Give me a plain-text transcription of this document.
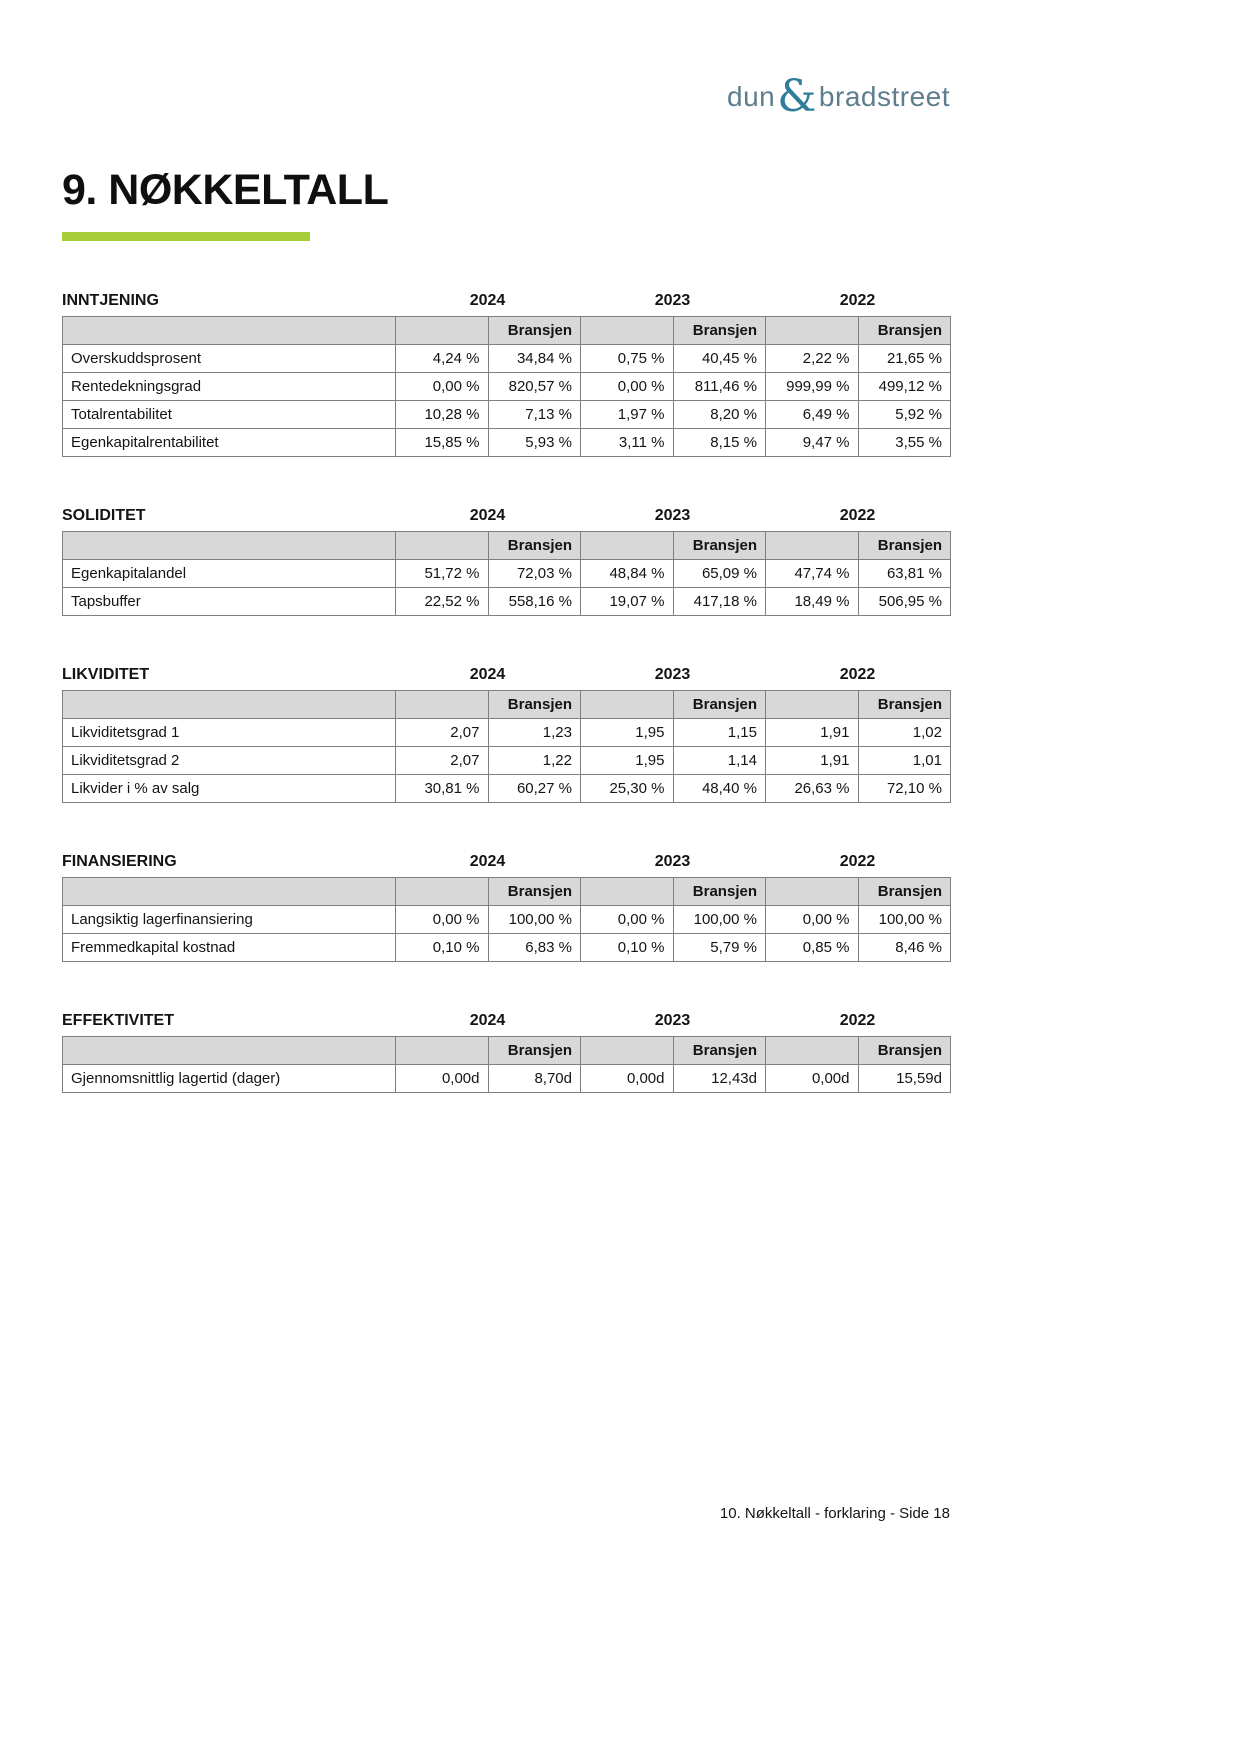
dun & bradstreet
9. NØKKELTALL
INNTJENING	2024	2023	2022
		Bransjen		Bransjen		Bransjen
Overskuddsprosent	4,24 %	34,84 %	0,75 %	40,45 %	2,22 %	21,65 %
Rentedekningsgrad	0,00 %	820,57 %	0,00 %	811,46 %	999,99 %	499,12 %
Totalrentabilitet	10,28 %	7,13 %	1,97 %	8,20 %	6,49 %	5,92 %
Egenkapitalrentabilitet	15,85 %	5,93 %	3,11 %	8,15 %	9,47 %	3,55 %
SOLIDITET	2024	2023	2022
		Bransjen		Bransjen		Bransjen
Egenkapitalandel	51,72 %	72,03 %	48,84 %	65,09 %	47,74 %	63,81 %
Tapsbuffer	22,52 %	558,16 %	19,07 %	417,18 %	18,49 %	506,95 %
LIKVIDITET	2024	2023	2022
		Bransjen		Bransjen		Bransjen
Likviditetsgrad 1	2,07	1,23	1,95	1,15	1,91	1,02
Likviditetsgrad 2	2,07	1,22	1,95	1,14	1,91	1,01
Likvider i % av salg	30,81 %	60,27 %	25,30 %	48,40 %	26,63 %	72,10 %
FINANSIERING	2024	2023	2022
		Bransjen		Bransjen		Bransjen
Langsiktig lagerfinansiering	0,00 %	100,00 %	0,00 %	100,00 %	0,00 %	100,00 %
Fremmedkapital kostnad	0,10 %	6,83 %	0,10 %	5,79 %	0,85 %	8,46 %
EFFEKTIVITET	2024	2023	2022
		Bransjen		Bransjen		Bransjen
Gjennomsnittlig lagertid (dager)	0,00d	8,70d	0,00d	12,43d	0,00d	15,59d
10. Nøkkeltall - forklaring - Side 18
